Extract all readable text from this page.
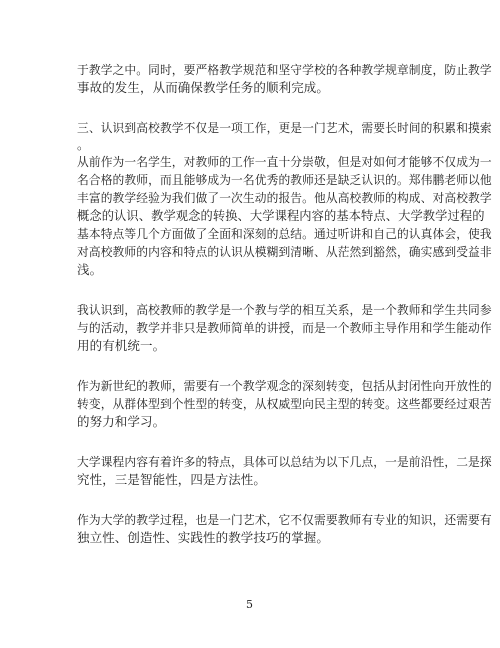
于教学之中。同时，要严格教学规范和坚守学校的各种教学规章制度，防止教学
事故的发生，从而确保教学任务的顺利完成。
三、认识到高校教学不仅是一项工作，更是一门艺术，需要长时间的积累和摸索
。
从前作为一名学生，对教师的工作一直十分崇敬，但是对如何才能够不仅成为一
名合格的教师，而且能够成为一名优秀的教师还是缺乏认识的。郑伟鹏老师以他
丰富的教学经验为我们做了一次生动的报告。他从高校教师的构成、对高校教学
概念的认识、教学观念的转换、大学课程内容的基本特点、大学教学过程的
基本特点等几个方面做了全面和深刻的总结。通过听讲和自己的认真体会，使我
对高校教师的内容和特点的认识从模糊到清晰、从茫然到豁然，确实感到受益非
浅。
我认识到，高校教师的教学是一个教与学的相互关系，是一个教师和学生共同参
与的活动，教学并非只是教师简单的讲授，而是一个教师主导作用和学生能动作
用的有机统一。
作为新世纪的教师，需要有一个教学观念的深刻转变，包括从封闭性向开放性的
转变，从群体型到个性型的转变，从权威型向民主型的转变。这些都要经过艰苦
的努力和学习。
大学课程内容有着许多的特点，具体可以总结为以下几点，一是前沿性，二是探
究性，三是智能性，四是方法性。
作为大学的教学过程，也是一门艺术，它不仅需要教师有专业的知识，还需要有
独立性、创造性、实践性的教学技巧的掌握。
5
